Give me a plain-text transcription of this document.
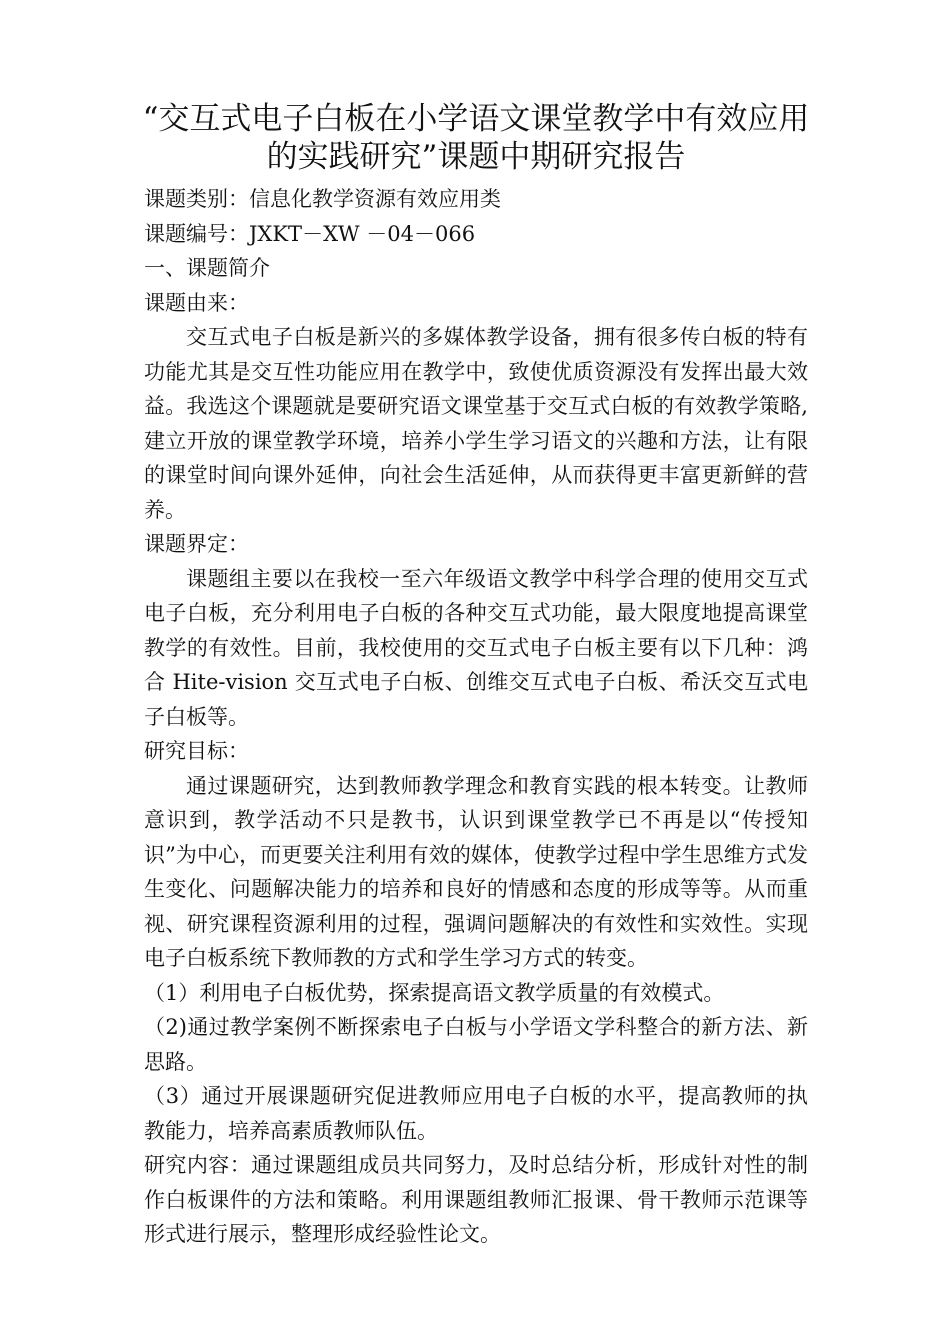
“交互式电子白板在小学语文课堂教学中有效应用
的实践研究”课题中期研究报告
课题类别：信息化教学资源有效应用类
课题编号：JXKT－XW －04－066
一、课题简介
课题由来：
交互式电子白板是新兴的多媒体教学设备，拥有很多传白板的特有功能尤其是交互性功能应用在教学中，致使优质资源没有发挥出最大效益。我选这个课题就是要研究语文课堂基于交互式白板的有效教学策略,建立开放的课堂教学环境，培养小学生学习语文的兴趣和方法，让有限的课堂时间向课外延伸，向社会生活延伸，从而获得更丰富更新鲜的营养。
课题界定：
课题组主要以在我校一至六年级语文教学中科学合理的使用交互式电子白板，充分利用电子白板的各种交互式功能，最大限度地提高课堂教学的有效性。目前，我校使用的交互式电子白板主要有以下几种：鸿合 Hite-vision 交互式电子白板、创维交互式电子白板、希沃交互式电子白板等。
研究目标：
通过课题研究，达到教师教学理念和教育实践的根本转变。让教师意识到，教学活动不只是教书，认识到课堂教学已不再是以“传授知识”为中心，而更要关注利用有效的媒体，使教学过程中学生思维方式发生变化、问题解决能力的培养和良好的情感和态度的形成等等。从而重视、研究课程资源利用的过程，强调问题解决的有效性和实效性。实现电子白板系统下教师教的方式和学生学习方式的转变。
（1）利用电子白板优势，探索提高语文教学质量的有效模式。
（2)通过教学案例不断探索电子白板与小学语文学科整合的新方法、新思路。
（3）通过开展课题研究促进教师应用电子白板的水平，提高教师的执教能力，培养高素质教师队伍。
研究内容：通过课题组成员共同努力，及时总结分析，形成针对性的制作白板课件的方法和策略。利用课题组教师汇报课、骨干教师示范课等形式进行展示，整理形成经验性论文。
